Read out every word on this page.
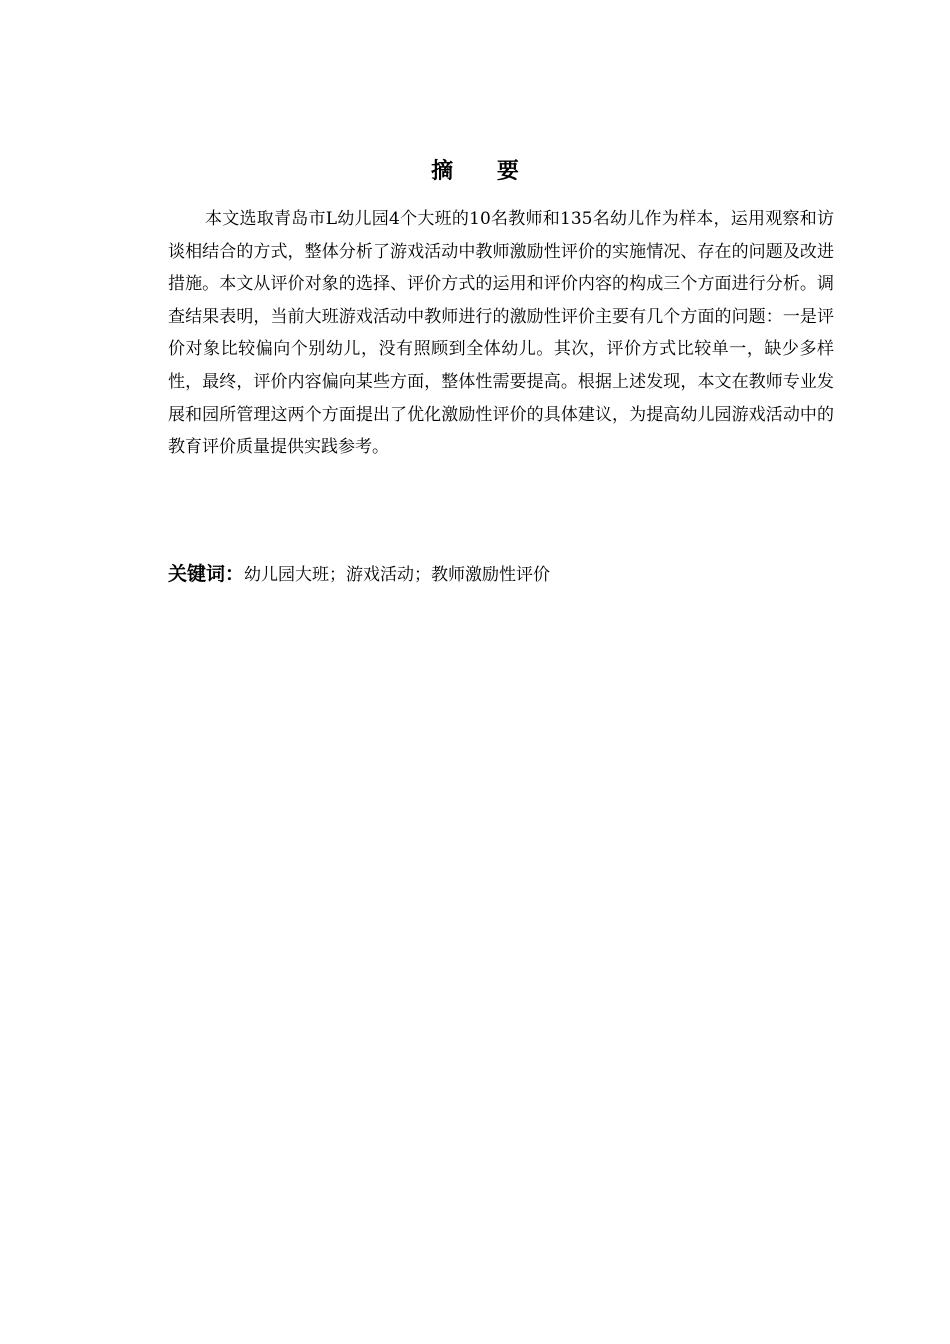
摘 要

本文选取青岛市L幼儿园4个大班的10名教师和135名幼儿作为样本，运用观察和访谈相结合的方式，整体分析了游戏活动中教师激励性评价的实施情况、存在的问题及改进措施。本文从评价对象的选择、评价方式的运用和评价内容的构成三个方面进行分析。调查结果表明，当前大班游戏活动中教师进行的激励性评价主要有几个方面的问题：一是评价对象比较偏向个别幼儿，没有照顾到全体幼儿。其次，评价方式比较单一，缺少多样性，最终，评价内容偏向某些方面，整体性需要提高。根据上述发现，本文在教师专业发展和园所管理这两个方面提出了优化激励性评价的具体建议，为提高幼儿园游戏活动中的教育评价质量提供实践参考。

关键词：幼儿园大班；游戏活动；教师激励性评价
